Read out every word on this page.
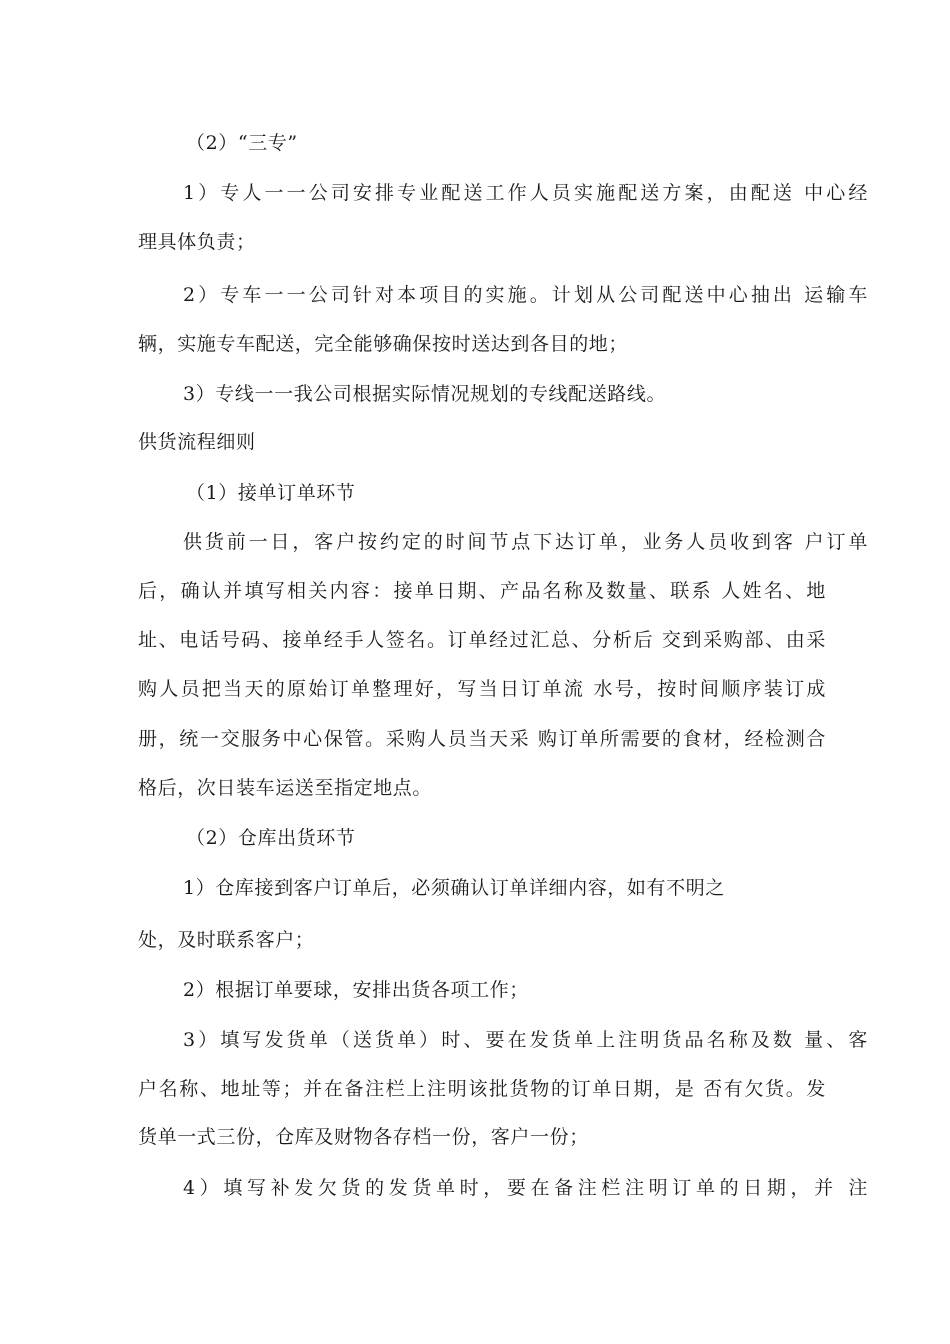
（2）“三专”
1）专人一一公司安排专业配送工作人员实施配送方案，由配送 中心经
理具体负责；
2）专车一一公司针对本项目的实施。计划从公司配送中心抽出 运输车
辆，实施专车配送，完全能够确保按时送达到各目的地；
3）专线一一我公司根据实际情况规划的专线配送路线。
供货流程细则
（1）接单订单环节
供货前一日，客户按约定的时间节点下达订单，业务人员收到客 户订单
后，确认并填写相关内容：接单日期、产品名称及数量、联系 人姓名、地
址、电话号码、接单经手人签名。订单经过汇总、分析后 交到采购部、由采
购人员把当天的原始订单整理好，写当日订单流 水号，按时间顺序装订成
册，统一交服务中心保管。采购人员当天采 购订单所需要的食材，经检测合
格后，次日装车运送至指定地点。
（2）仓库出货环节
1）仓库接到客户订单后，必须确认订单详细内容，如有不明之
处，及时联系客户；
2）根据订单要球，安排出货各项工作；
3）填写发货单（送货单）时、要在发货单上注明货品名称及数 量、客
户名称、地址等；并在备注栏上注明该批货物的订单日期，是 否有欠货。发
货单一式三份，仓库及财物各存档一份，客户一份；
4）填写补发欠货的发货单时，要在备注栏注明订单的日期，并 注
